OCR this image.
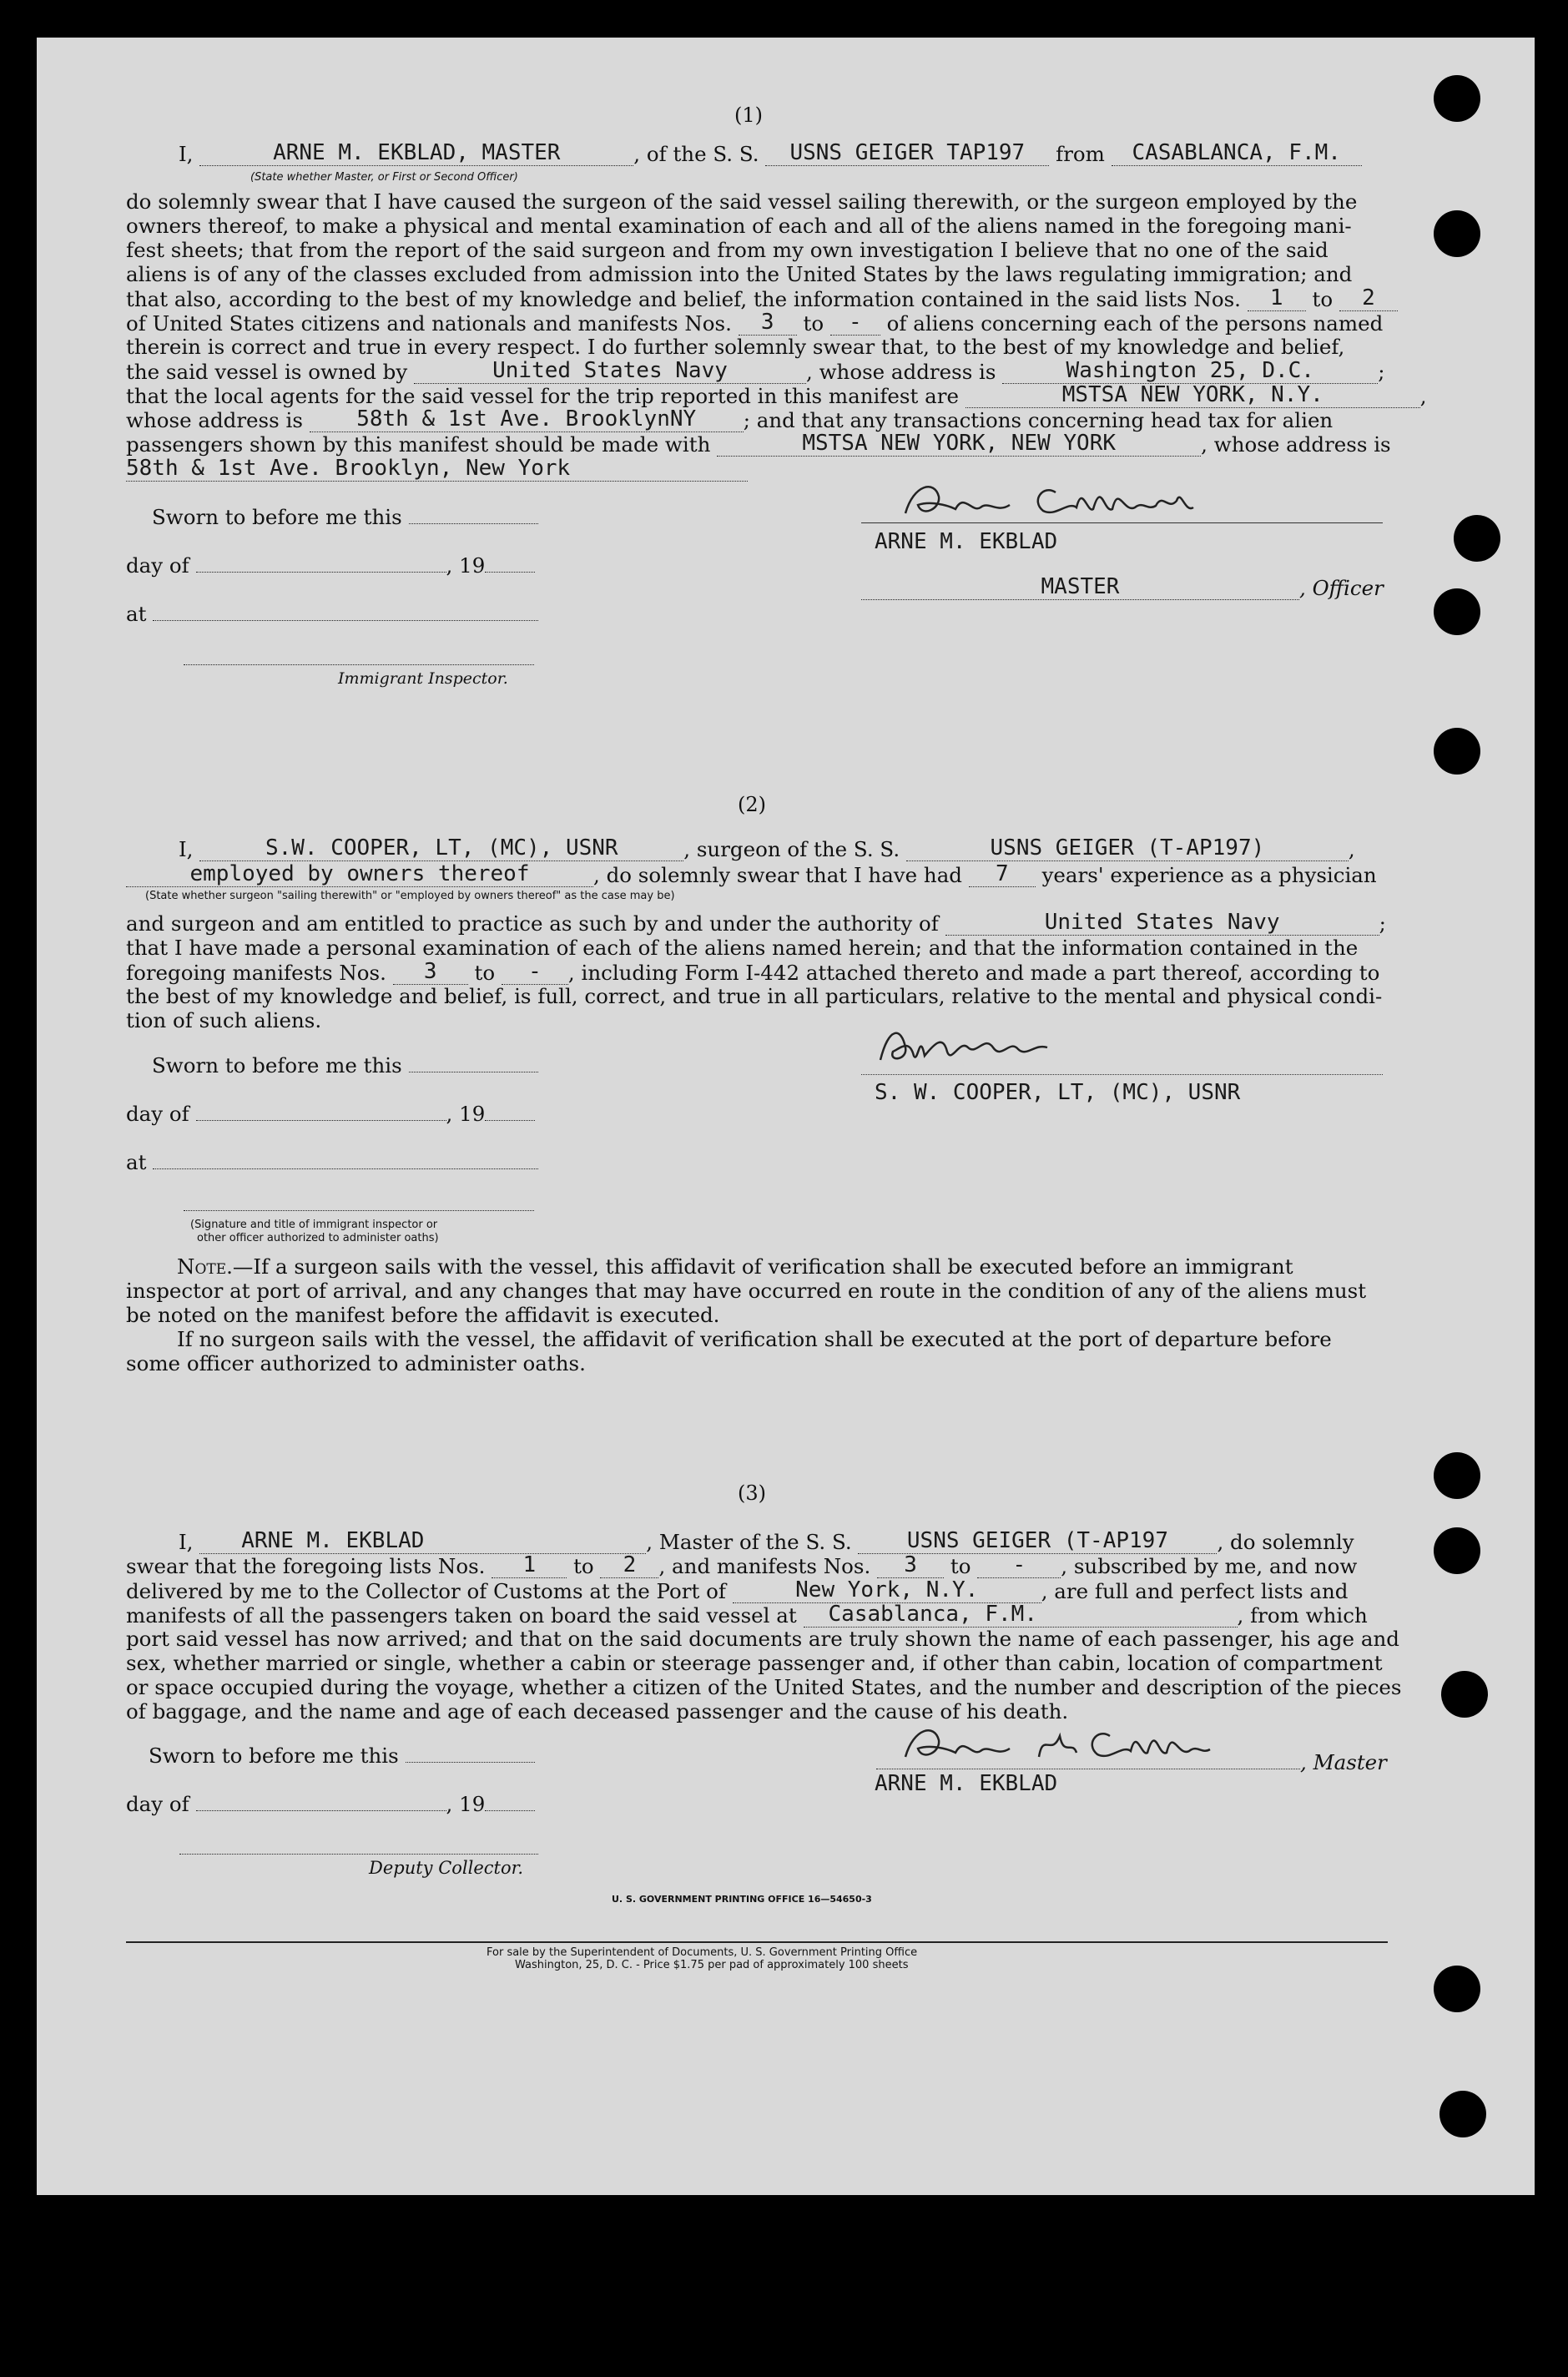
(1)
I,	ARNE M. EKBLAD, MASTER	, of the S. S. USNS GEIGER TAP197 from CASABLANCA, F.M.
(State whether Master, or First or Second Officer)
do solemnly swear that I have caused the surgeon of the said vessel sailing therewith, or the surgeon employed by the
owners thereof, to make a physical and mental examination of each and all of the aliens named in the foregoing mani-
fest sheets; that from the report of the said surgeon and from my own investigation I believe that no one of the said
aliens is of any of the classes excluded from admission into the United States by the laws regulating immigration; and
that also, according to the best of my knowledge and belief, the information contained in the said lists Nos. 1 to 2
of United States citizens and nationals and manifests Nos. 3 to - of aliens concerning each of the persons named
therein is correct and true in every respect. I do further solemnly swear that, to the best of my knowledge and belief,
the said vessel is owned by	United States Navy	, whose address is	Washington 25, D.C.	;
that the local agents for the said vessel for the trip reported in this manifest are	MSTSA NEW YORK, N.Y.	,
whose address is 58th & 1st Ave. BrooklynNY ; and that any transactions concerning head tax for alien
passengers shown by this manifest should be made with	MSTSA NEW YORK, NEW YORK	, whose address is
58th & 1st Ave. Brooklyn, New York
Sworn to before me this
day of	, 19
at
Immigrant Inspector.
ARNE M. EKBLAD
MASTER	, Officer
(2)
I,	S.W. COOPER, LT, (MC), USNR	, surgeon of the S. S.	USNS GEIGER (T-AP197)	,
employed by owners thereof	, do solemnly swear that I have had 7 years' experience as a physician
(State whether surgeon "sailing therewith" or "employed by owners thereof" as the case may be)
and surgeon and am entitled to practice as such by and under the authority of	United States Navy	;
that I have made a personal examination of each of the aliens named herein; and that the information contained in the
foregoing manifests Nos. 3 to - , including Form I-442 attached thereto and made a part thereof, according to
the best of my knowledge and belief, is full, correct, and true in all particulars, relative to the mental and physical condi-
tion of such aliens.
Sworn to before me this
day of	, 19
at
(Signature and title of immigrant inspector or
other officer authorized to administer oaths)
S. W. COOPER, LT, (MC), USNR
Note.—If a surgeon sails with the vessel, this affidavit of verification shall be executed before an immigrant
inspector at port of arrival, and any changes that may have occurred en route in the condition of any of the aliens must
be noted on the manifest before the affidavit is executed.
If no surgeon sails with the vessel, the affidavit of verification shall be executed at the port of departure before
some officer authorized to administer oaths.
(3)
I, ARNE M. EKBLAD	, Master of the S. S.	USNS GEIGER (T-AP197 , do solemnly
swear that the foregoing lists Nos. 1 to 2 , and manifests Nos. 3 to - , subscribed by me, and now
delivered by me to the Collector of Customs at the Port of	New York, N.Y.	, are full and perfect lists and
manifests of all the passengers taken on board the said vessel at Casablanca, F.M.	, from which
port said vessel has now arrived; and that on the said documents are truly shown the name of each passenger, his age and
sex, whether married or single, whether a cabin or steerage passenger and, if other than cabin, location of compartment
or space occupied during the voyage, whether a citizen of the United States, and the number and description of the pieces
of baggage, and the name and age of each deceased passenger and the cause of his death.
Sworn to before me this
day of	, 19
Deputy Collector.
, Master
ARNE M. EKBLAD
U. S. GOVERNMENT PRINTING OFFICE 16—54650-3
For sale by the Superintendent of Documents, U. S. Government Printing Office
Washington, 25, D. C. - Price $1.75 per pad of approximately 100 sheets
